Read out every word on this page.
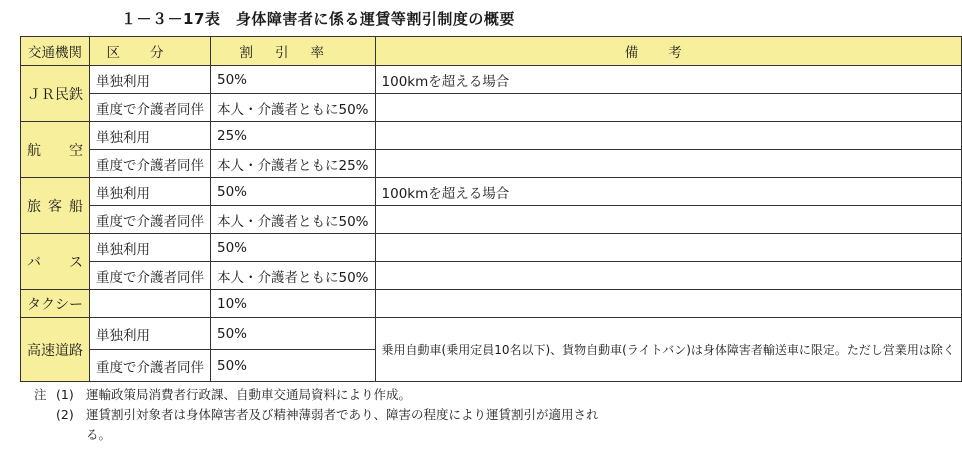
１－３－17表　身体障害者に係る運賃等割引制度の概要
交通機関	区分	割引率	備考
ＪＲ民鉄	単独利用	50%	100kmを超える場合
	重度で介護者同伴	本人・介護者ともに50%	
航空	単独利用	25%	
	重度で介護者同伴	本人・介護者ともに25%	
旅客船	単独利用	50%	100kmを超える場合
	重度で介護者同伴	本人・介護者ともに50%	
バス	単独利用	50%	
	重度で介護者同伴	本人・介護者ともに50%	
タクシー		10%	
高速道路	単独利用	50%	乗用自動車(乗用定員10名以下)、貨物自動車(ライトバン)は身体障害者輸送車に限定。ただし営業用は除く
	重度で介護者同伴	50%	
注 (1) 運輸政策局消費者行政課、自動車交通局資料により作成。
(2) 運賃割引対象者は身体障害者及び精神薄弱者であり、障害の程度により運賃割引が適用される。
